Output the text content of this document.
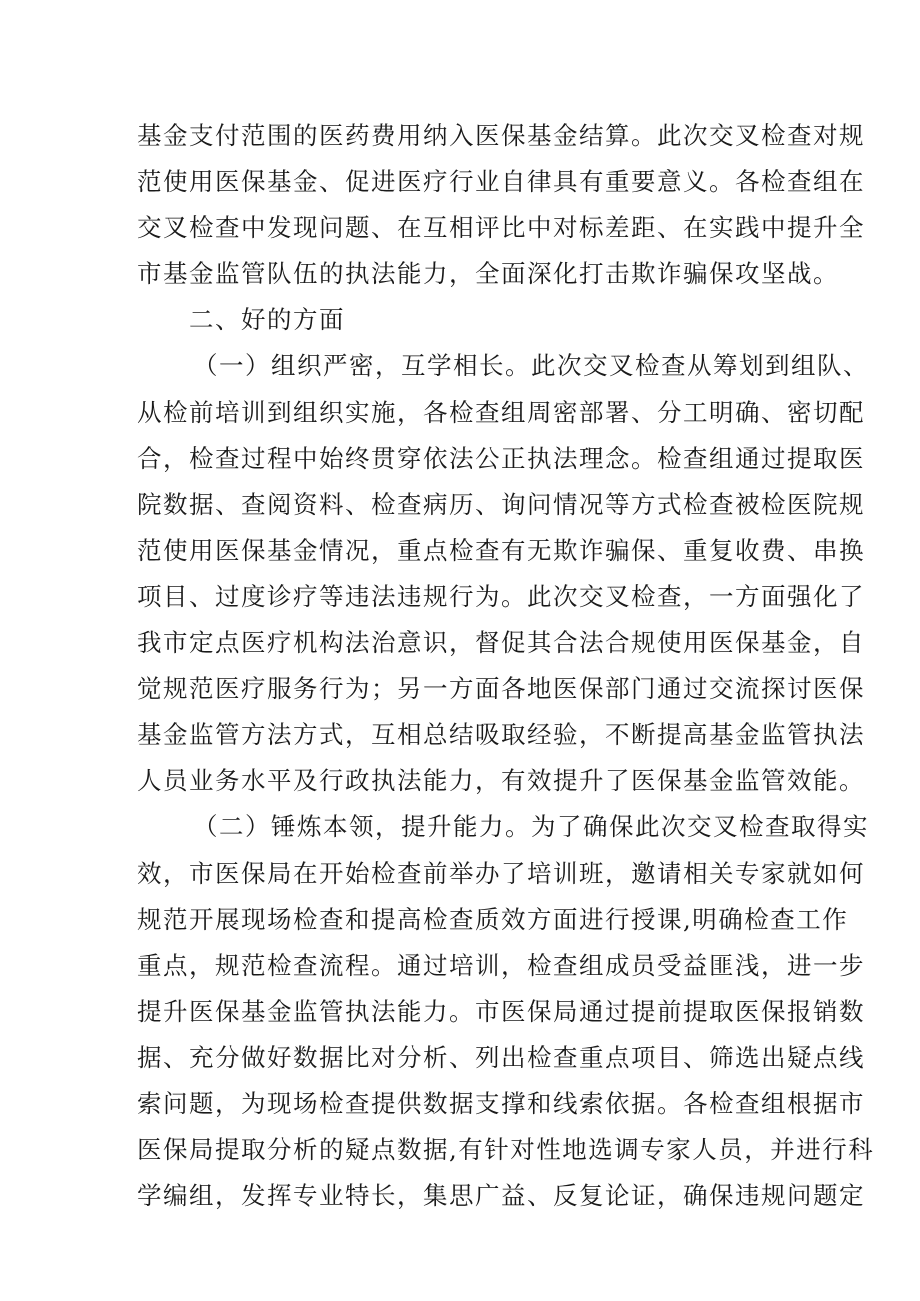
基金支付范围的医药费用纳入医保基金结算。此次交叉检查对规
范使用医保基金、促进医疗行业自律具有重要意义。各检查组在
交叉检查中发现问题、在互相评比中对标差距、在实践中提升全
市基金监管队伍的执法能力，全面深化打击欺诈骗保攻坚战。
二、好的方面
（一）组织严密，互学相长。此次交叉检查从筹划到组队、
从检前培训到组织实施，各检查组周密部署、分工明确、密切配
合，检查过程中始终贯穿依法公正执法理念。检查组通过提取医
院数据、查阅资料、检查病历、询问情况等方式检查被检医院规
范使用医保基金情况，重点检查有无欺诈骗保、重复收费、串换
项目、过度诊疗等违法违规行为。此次交叉检查，一方面强化了
我市定点医疗机构法治意识，督促其合法合规使用医保基金，自
觉规范医疗服务行为；另一方面各地医保部门通过交流探讨医保
基金监管方法方式，互相总结吸取经验，不断提高基金监管执法
人员业务水平及行政执法能力，有效提升了医保基金监管效能。
（二）锤炼本领，提升能力。为了确保此次交叉检查取得实
效，市医保局在开始检查前举办了培训班，邀请相关专家就如何
规范开展现场检查和提高检查质效方面进行授课,明确检查工作
重点，规范检查流程。通过培训，检查组成员受益匪浅，进一步
提升医保基金监管执法能力。市医保局通过提前提取医保报销数
据、充分做好数据比对分析、列出检查重点项目、筛选出疑点线
索问题，为现场检查提供数据支撑和线索依据。各检查组根据市
医保局提取分析的疑点数据,有针对性地选调专家人员，并进行科
学编组，发挥专业特长，集思广益、反复论证，确保违规问题定
